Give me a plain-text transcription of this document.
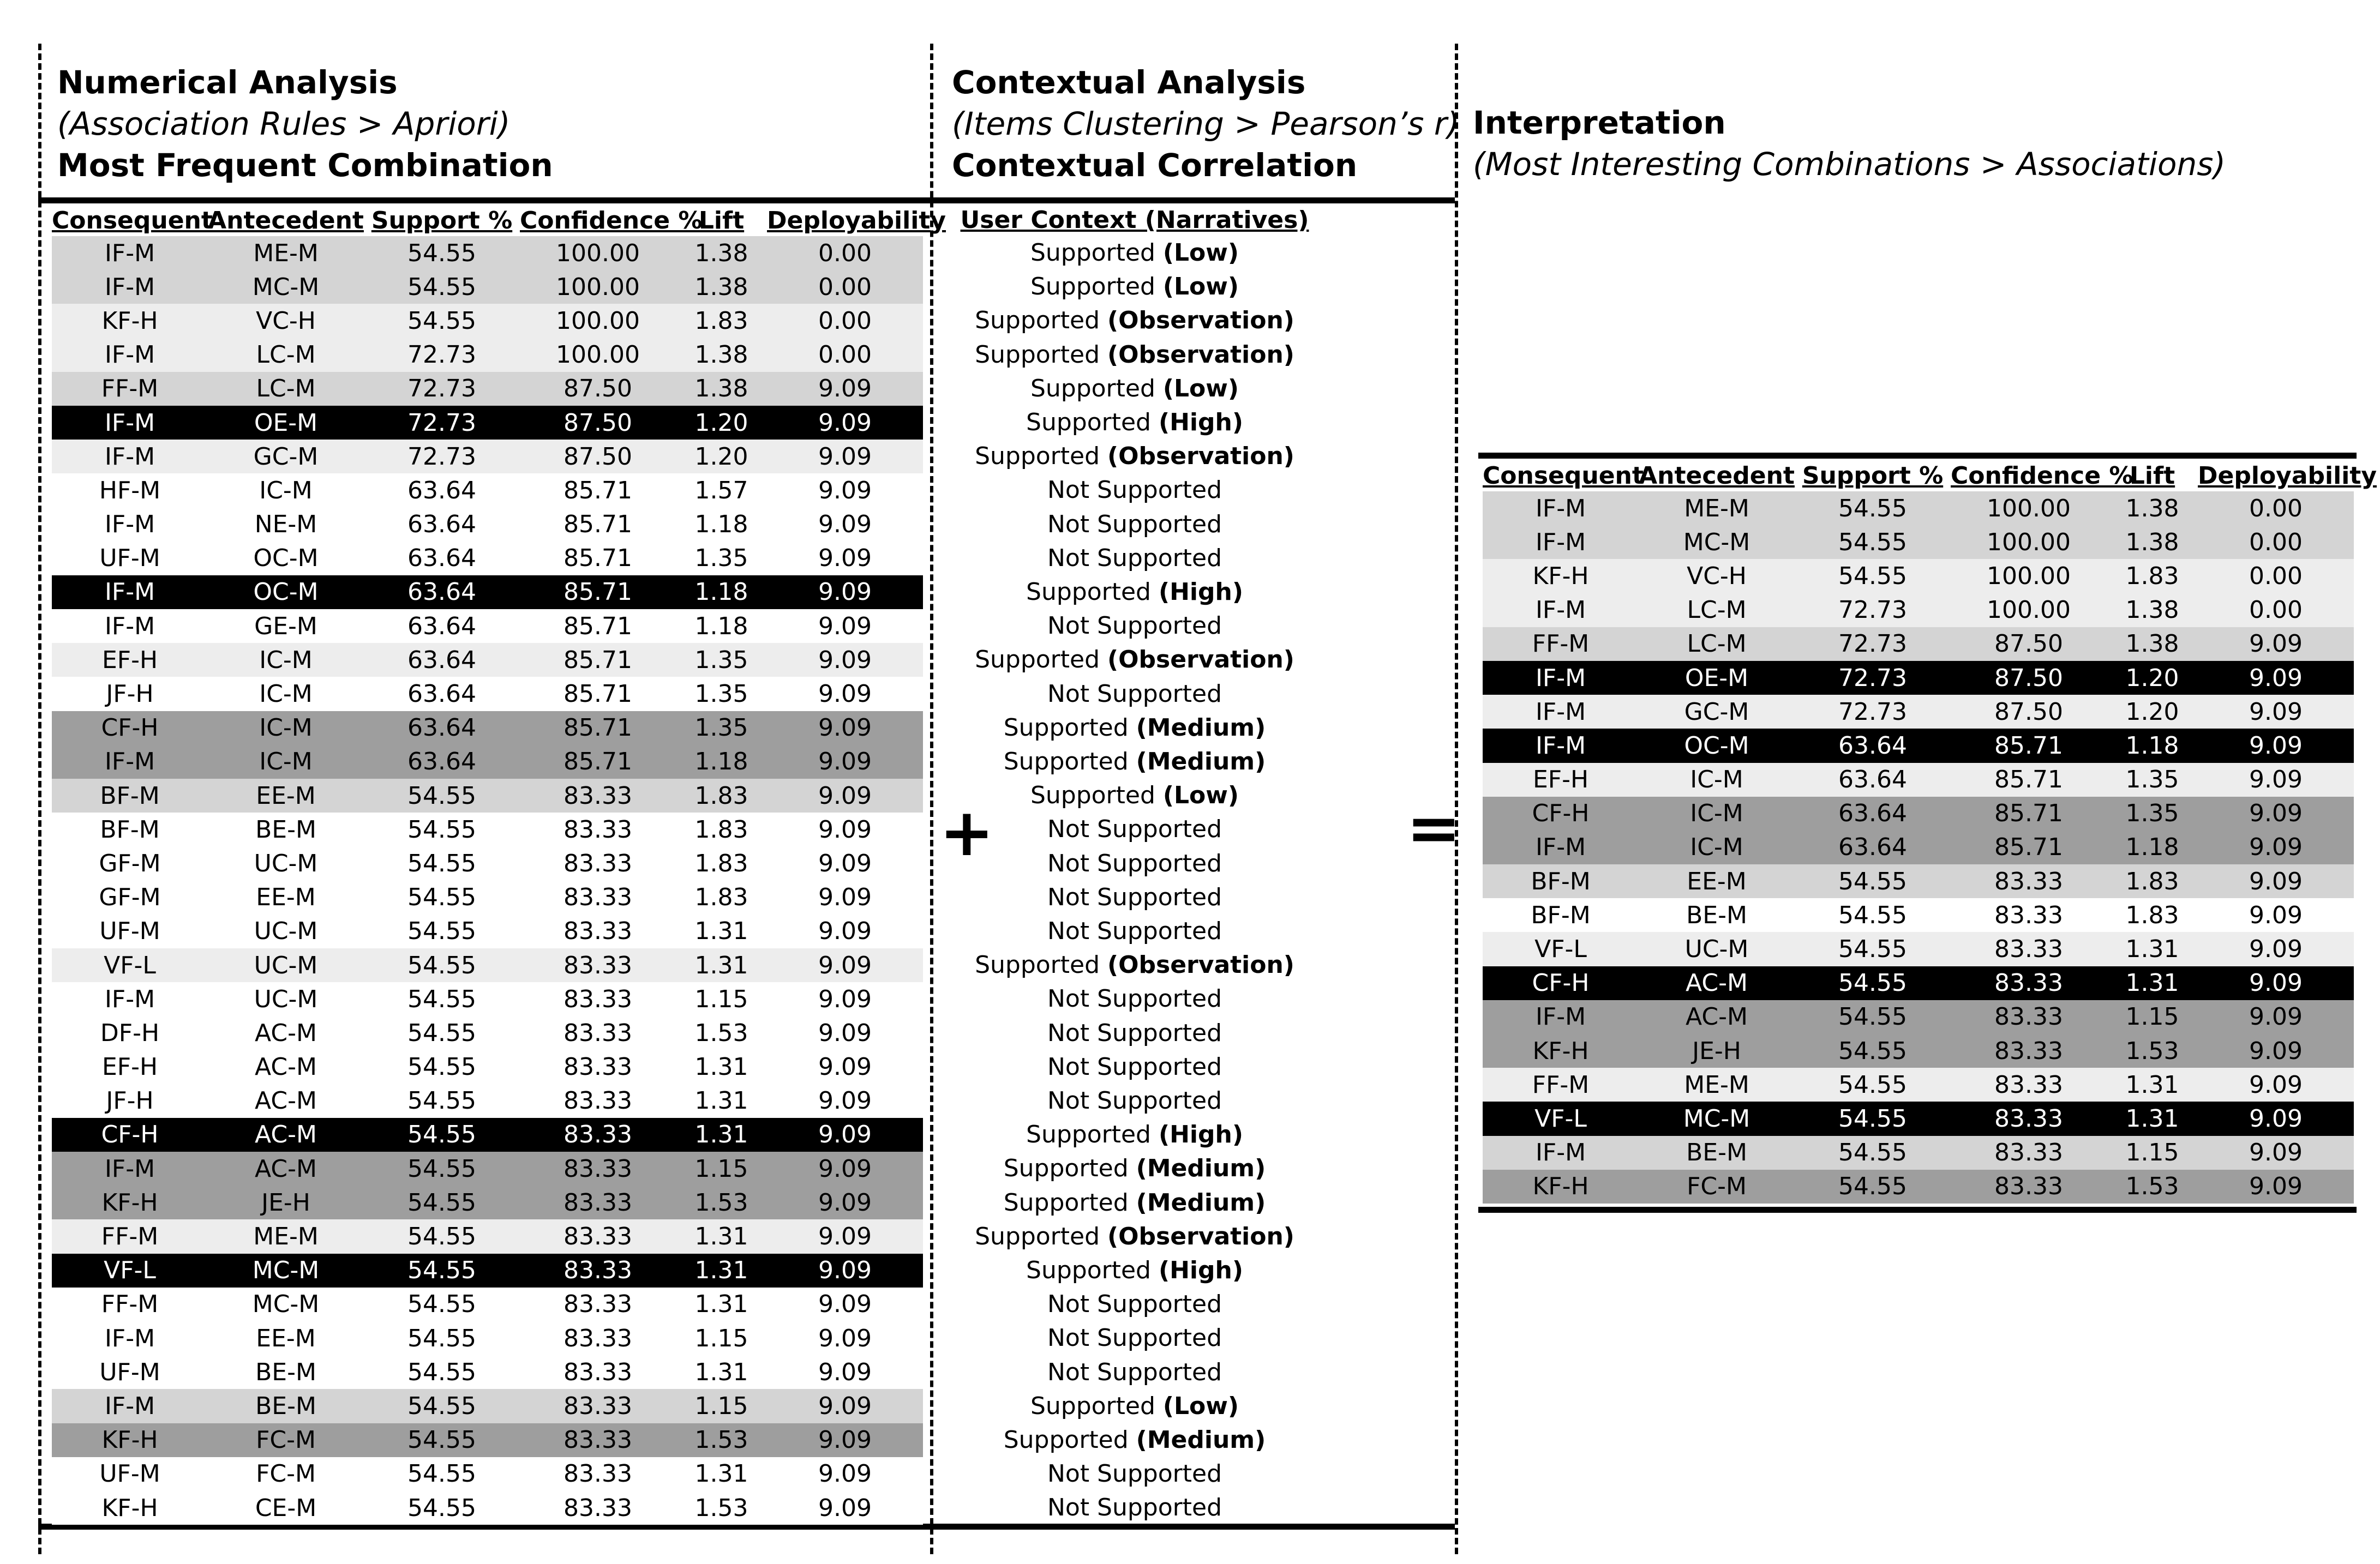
Numerical Analysis
(Association Rules > Apriori)
Most Frequent Combination
Contextual Analysis
(Items Clustering > Pearson’s r)
Contextual Correlation
Interpretation
(Most Interesting Combinations > Associations)
Consequent	Antecedent	Support %	Confidence %	Lift	Deployability
IF-M	ME-M	54.55	100.00	1.38	0.00
IF-M	MC-M	54.55	100.00	1.38	0.00
KF-H	VC-H	54.55	100.00	1.83	0.00
IF-M	LC-M	72.73	100.00	1.38	0.00
FF-M	LC-M	72.73	87.50	1.38	9.09
IF-M	OE-M	72.73	87.50	1.20	9.09
IF-M	GC-M	72.73	87.50	1.20	9.09
HF-M	IC-M	63.64	85.71	1.57	9.09
IF-M	NE-M	63.64	85.71	1.18	9.09
UF-M	OC-M	63.64	85.71	1.35	9.09
IF-M	OC-M	63.64	85.71	1.18	9.09
IF-M	GE-M	63.64	85.71	1.18	9.09
EF-H	IC-M	63.64	85.71	1.35	9.09
JF-H	IC-M	63.64	85.71	1.35	9.09
CF-H	IC-M	63.64	85.71	1.35	9.09
IF-M	IC-M	63.64	85.71	1.18	9.09
BF-M	EE-M	54.55	83.33	1.83	9.09
BF-M	BE-M	54.55	83.33	1.83	9.09
GF-M	UC-M	54.55	83.33	1.83	9.09
GF-M	EE-M	54.55	83.33	1.83	9.09
UF-M	UC-M	54.55	83.33	1.31	9.09
VF-L	UC-M	54.55	83.33	1.31	9.09
IF-M	UC-M	54.55	83.33	1.15	9.09
DF-H	AC-M	54.55	83.33	1.53	9.09
EF-H	AC-M	54.55	83.33	1.31	9.09
JF-H	AC-M	54.55	83.33	1.31	9.09
CF-H	AC-M	54.55	83.33	1.31	9.09
IF-M	AC-M	54.55	83.33	1.15	9.09
KF-H	JE-H	54.55	83.33	1.53	9.09
FF-M	ME-M	54.55	83.33	1.31	9.09
VF-L	MC-M	54.55	83.33	1.31	9.09
FF-M	MC-M	54.55	83.33	1.31	9.09
IF-M	EE-M	54.55	83.33	1.15	9.09
UF-M	BE-M	54.55	83.33	1.31	9.09
IF-M	BE-M	54.55	83.33	1.15	9.09
KF-H	FC-M	54.55	83.33	1.53	9.09
UF-M	FC-M	54.55	83.33	1.31	9.09
KF-H	CE-M	54.55	83.33	1.53	9.09
User Context (Narratives)
Supported (Low)
Supported (Low)
Supported (Observation)
Supported (Observation)
Supported (Low)
Supported (High)
Supported (Observation)
Not Supported
Not Supported
Not Supported
Supported (High)
Not Supported
Supported (Observation)
Not Supported
Supported (Medium)
Supported (Medium)
Supported (Low)
Not Supported
Not Supported
Not Supported
Not Supported
Supported (Observation)
Not Supported
Not Supported
Not Supported
Not Supported
Supported (High)
Supported (Medium)
Supported (Medium)
Supported (Observation)
Supported (High)
Not Supported
Not Supported
Not Supported
Supported (Low)
Supported (Medium)
Not Supported
Not Supported
+	=
Consequent	Antecedent	Support %	Confidence %	Lift	Deployability
IF-M	ME-M	54.55	100.00	1.38	0.00
IF-M	MC-M	54.55	100.00	1.38	0.00
KF-H	VC-H	54.55	100.00	1.83	0.00
IF-M	LC-M	72.73	100.00	1.38	0.00
FF-M	LC-M	72.73	87.50	1.38	9.09
IF-M	OE-M	72.73	87.50	1.20	9.09
IF-M	GC-M	72.73	87.50	1.20	9.09
IF-M	OC-M	63.64	85.71	1.18	9.09
EF-H	IC-M	63.64	85.71	1.35	9.09
CF-H	IC-M	63.64	85.71	1.35	9.09
IF-M	IC-M	63.64	85.71	1.18	9.09
BF-M	EE-M	54.55	83.33	1.83	9.09
BF-M	BE-M	54.55	83.33	1.83	9.09
VF-L	UC-M	54.55	83.33	1.31	9.09
CF-H	AC-M	54.55	83.33	1.31	9.09
IF-M	AC-M	54.55	83.33	1.15	9.09
KF-H	JE-H	54.55	83.33	1.53	9.09
FF-M	ME-M	54.55	83.33	1.31	9.09
VF-L	MC-M	54.55	83.33	1.31	9.09
IF-M	BE-M	54.55	83.33	1.15	9.09
KF-H	FC-M	54.55	83.33	1.53	9.09
